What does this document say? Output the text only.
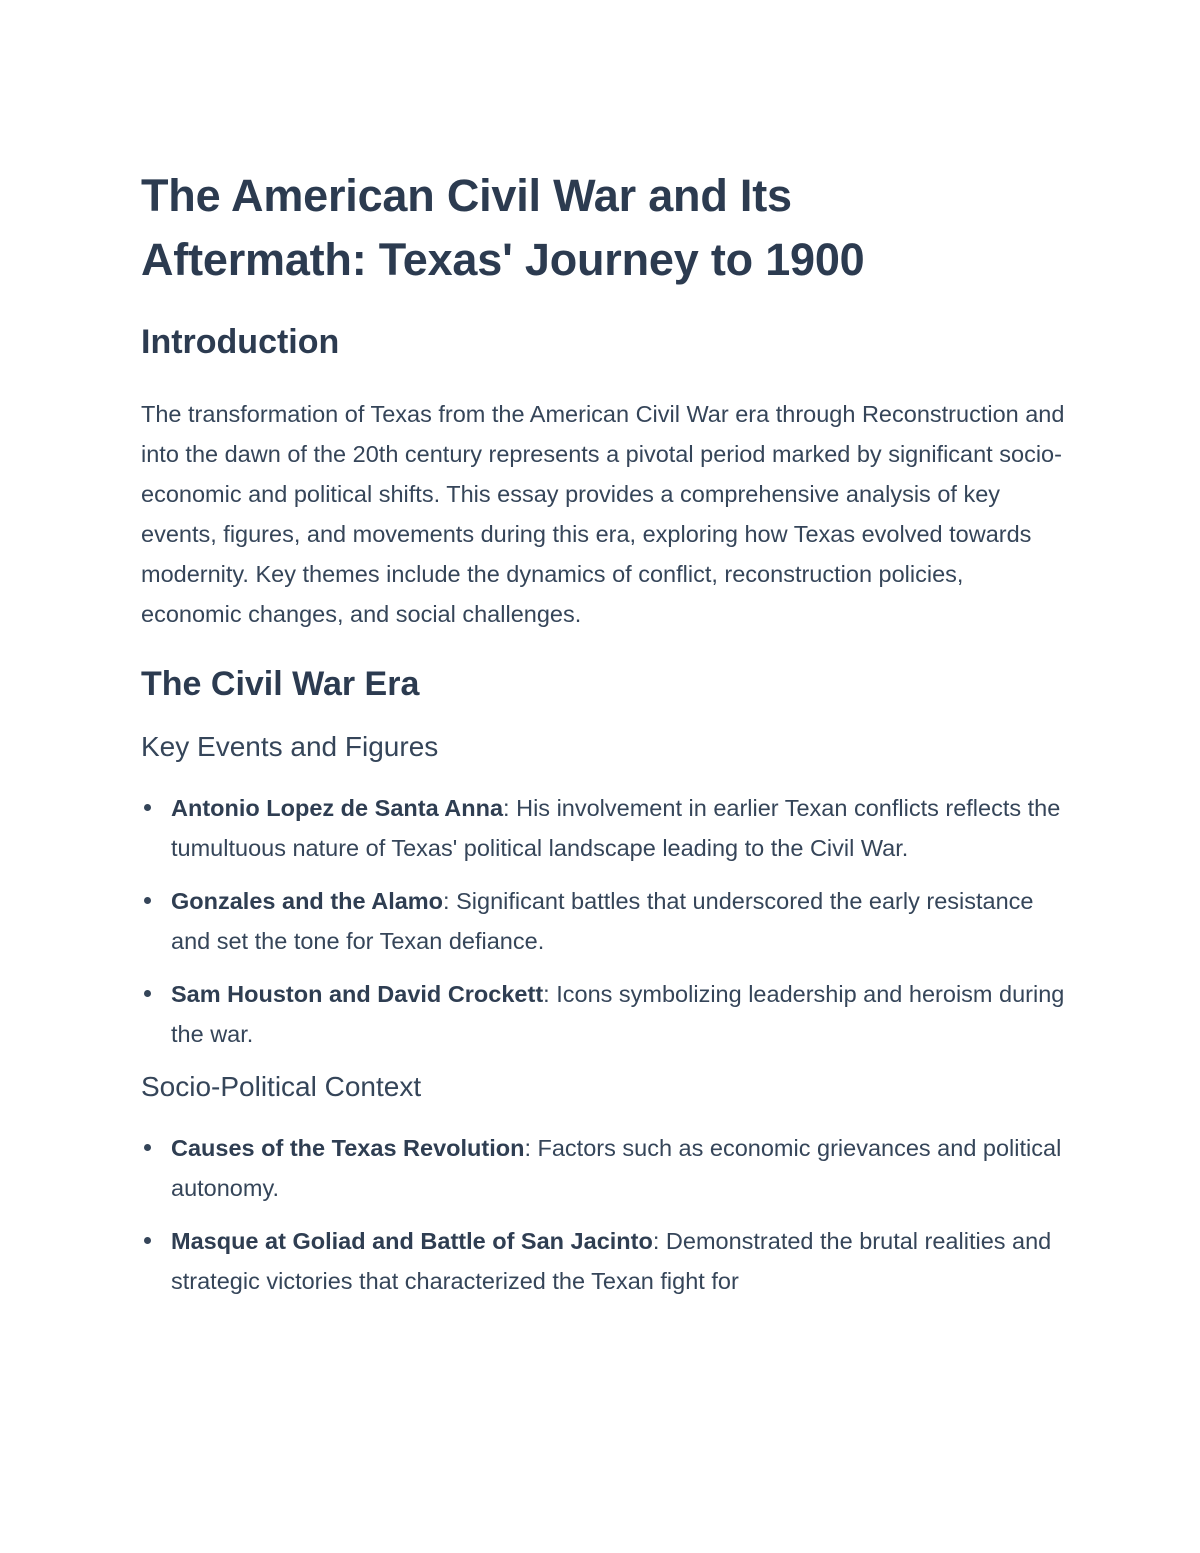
The American Civil War and Its
Aftermath: Texas' Journey to 1900
Introduction

The transformation of Texas from the American Civil War era through Reconstruction and into the dawn of the 20th century represents a pivotal period marked by significant socio-economic and political shifts. This essay provides a comprehensive analysis of key events, figures, and movements during this era, exploring how Texas evolved towards modernity. Key themes include the dynamics of conflict, reconstruction policies, economic changes, and social challenges.

The Civil War Era
Key Events and Figures
Antonio Lopez de Santa Anna: His involvement in earlier Texan conflicts reflects the tumultuous nature of Texas' political landscape leading to the Civil War.
Gonzales and the Alamo: Significant battles that underscored the early resistance and set the tone for Texan defiance.
Sam Houston and David Crockett: Icons symbolizing leadership and heroism during the war.
Socio-Political Context
Causes of the Texas Revolution: Factors such as economic grievances and political autonomy.
Masque at Goliad and Battle of San Jacinto: Demonstrated the brutal realities and strategic victories that characterized the Texan fight for
